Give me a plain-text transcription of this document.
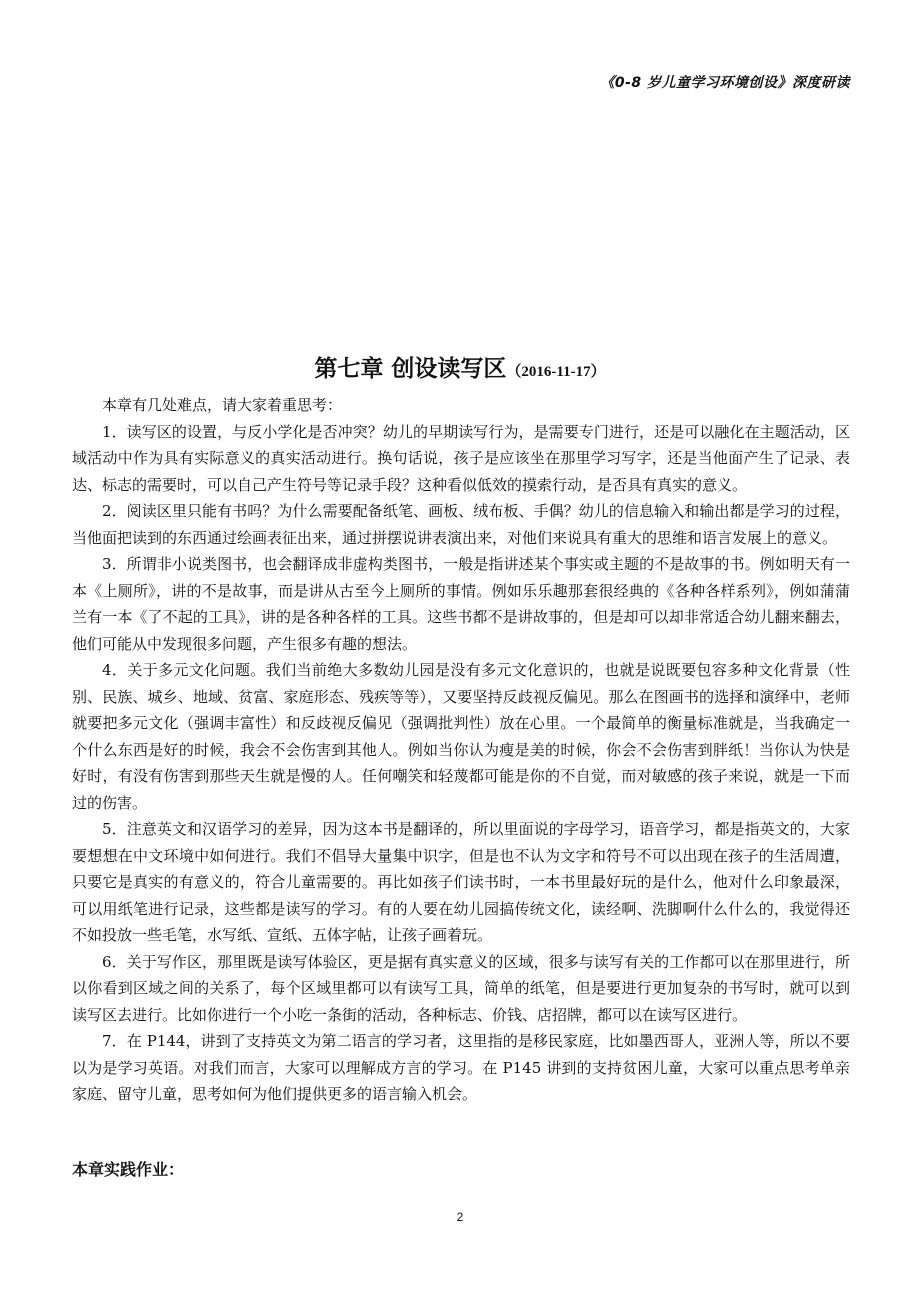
《0-8 岁儿童学习环境创设》深度研读
第七章 创设读写区（2016-11-17）

本章有几处难点，请大家着重思考：

1．读写区的设置，与反小学化是否冲突？幼儿的早期读写行为，是需要专门进行，还是可以融化在主题活动，区域活动中作为具有实际意义的真实活动进行。换句话说，孩子是应该坐在那里学习写字，还是当他面产生了记录、表达、标志的需要时，可以自己产生符号等记录手段？这种看似低效的摸索行动，是否具有真实的意义。

2．阅读区里只能有书吗？为什么需要配备纸笔、画板、绒布板、手偶？幼儿的信息输入和输出都是学习的过程，当他面把读到的东西通过绘画表征出来，通过拼摆说讲表演出来，对他们来说具有重大的思维和语言发展上的意义。

3．所谓非小说类图书，也会翻译成非虚构类图书，一般是指讲述某个事实或主题的不是故事的书。例如明天有一本《上厕所》，讲的不是故事，而是讲从古至今上厕所的事情。例如乐乐趣那套很经典的《各种各样系列》，例如蒲蒲兰有一本《了不起的工具》，讲的是各种各样的工具。这些书都不是讲故事的，但是却可以却非常适合幼儿翻来翻去，他们可能从中发现很多问题，产生很多有趣的想法。

4．关于多元文化问题。我们当前绝大多数幼儿园是没有多元文化意识的，也就是说既要包容多种文化背景（性别、民族、城乡、地域、贫富、家庭形态、残疾等等），又要坚持反歧视反偏见。那么在图画书的选择和演绎中，老师就要把多元文化（强调丰富性）和反歧视反偏见（强调批判性）放在心里。一个最简单的衡量标准就是，当我确定一个什么东西是好的时候，我会不会伤害到其他人。例如当你认为瘦是美的时候，你会不会伤害到胖纸！当你认为快是好时，有没有伤害到那些天生就是慢的人。任何嘲笑和轻蔑都可能是你的不自觉，而对敏感的孩子来说，就是一下而过的伤害。

5．注意英文和汉语学习的差异，因为这本书是翻译的，所以里面说的字母学习，语音学习，都是指英文的，大家要想想在中文环境中如何进行。我们不倡导大量集中识字，但是也不认为文字和符号不可以出现在孩子的生活周遭，只要它是真实的有意义的，符合儿童需要的。再比如孩子们读书时，一本书里最好玩的是什么，他对什么印象最深，可以用纸笔进行记录，这些都是读写的学习。有的人要在幼儿园搞传统文化，读经啊、洗脚啊什么什么的，我觉得还不如投放一些毛笔，水写纸、宣纸、五体字帖，让孩子画着玩。

6．关于写作区，那里既是读写体验区，更是据有真实意义的区域，很多与读写有关的工作都可以在那里进行，所以你看到区域之间的关系了，每个区域里都可以有读写工具，简单的纸笔，但是要进行更加复杂的书写时，就可以到读写区去进行。比如你进行一个小吃一条街的活动，各种标志、价钱、店招牌，都可以在读写区进行。

7．在 P144，讲到了支持英文为第二语言的学习者，这里指的是移民家庭，比如墨西哥人，亚洲人等，所以不要以为是学习英语。对我们而言，大家可以理解成方言的学习。在 P145 讲到的支持贫困儿童，大家可以重点思考单亲家庭、留守儿童，思考如何为他们提供更多的语言输入机会。

本章实践作业：
2
